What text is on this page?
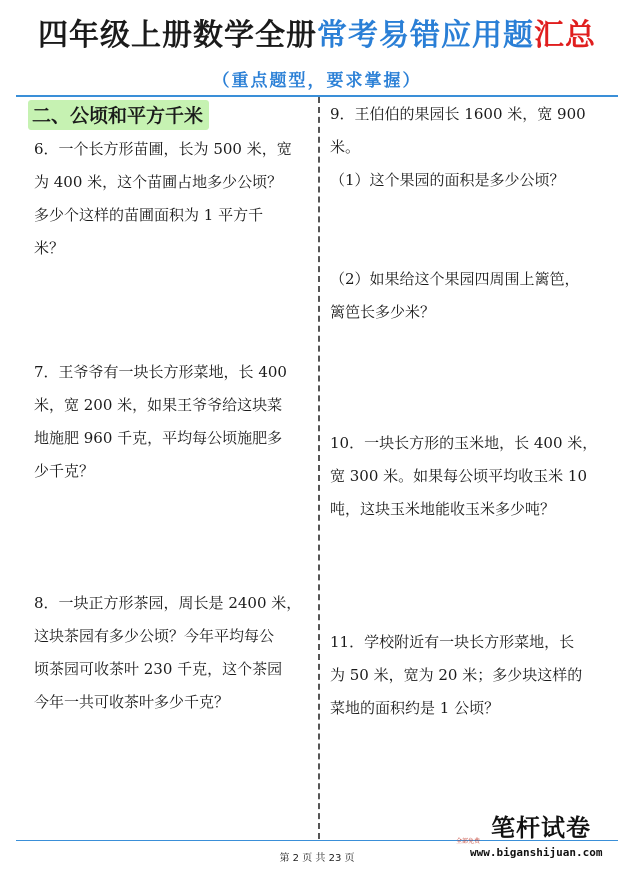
四年级上册数学全册常考易错应用题汇总
（重点题型，要求掌握）
二、公顷和平方千米
6．一个长方形苗圃，长为 500 米，宽
为 400 米，这个苗圃占地多少公顷？
多少个这样的苗圃面积为 1 平方千
米？
7．王爷爷有一块长方形菜地，长 400
米，宽 200 米，如果王爷爷给这块菜
地施肥 960 千克，平均每公顷施肥多
少千克？
8．一块正方形茶园，周长是 2400 米，
这块茶园有多少公顷？今年平均每公
顷茶园可收茶叶 230 千克，这个茶园
今年一共可收茶叶多少千克？
9．王伯伯的果园长 1600 米，宽 900
米。
（1）这个果园的面积是多少公顷？
（2）如果给这个果园四周围上篱笆，
篱笆长多少米？
10．一块长方形的玉米地，长 400 米，
宽 300 米。如果每公顷平均收玉米 10
吨，这块玉米地能收玉米多少吨？
11．学校附近有一块长方形菜地，长
为 50 米，宽为 20 米；多少块这样的
菜地的面积约是 1 公顷？
第 2 页 共 23 页
笔杆试卷
全部免费
www.biganshijuan.com
